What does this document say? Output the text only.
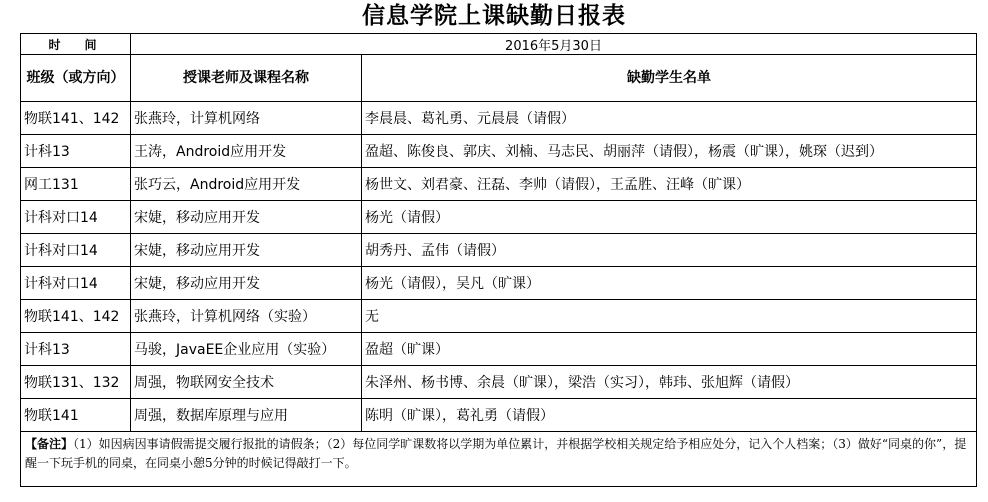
信息学院上课缺勤日报表
时　间	2016年5月30日	
班级（或方向）	授课老师及课程名称	缺勤学生名单
物联141、142	张燕玲，计算机网络	李晨晨、葛礼勇、元晨晨（请假）
计科13	王涛，Android应用开发	盈超、陈俊良、郭庆、刘楠、马志民、胡丽萍（请假），杨震（旷课），姚琛（迟到）
网工131	张巧云，Android应用开发	杨世文、刘君豪、汪磊、李帅（请假），王孟胜、汪峰（旷课）
计科对口14	宋婕，移动应用开发	杨光（请假）
计科对口14	宋婕，移动应用开发	胡秀丹、孟伟（请假）
计科对口14	宋婕，移动应用开发	杨光（请假），吴凡（旷课）
物联141、142	张燕玲，计算机网络（实验）	无
计科13	马骏，JavaEE企业应用（实验）	盈超（旷课）
物联131、132	周强，物联网安全技术	朱泽州、杨书博、余晨（旷课），梁浩（实习），韩玮、张旭辉（请假）
物联141	周强，数据库原理与应用	陈明（旷课），葛礼勇（请假）
【备注】（1）如因病因事请假需提交履行报批的请假条；（2）每位同学旷课数将以学期为单位累计，并根据学校相关规定给予相应处分，记入个人档案；（3）做好“同桌的你”，提醒一下玩手机的同桌，在同桌小憩5分钟的时候记得敲打一下。		
